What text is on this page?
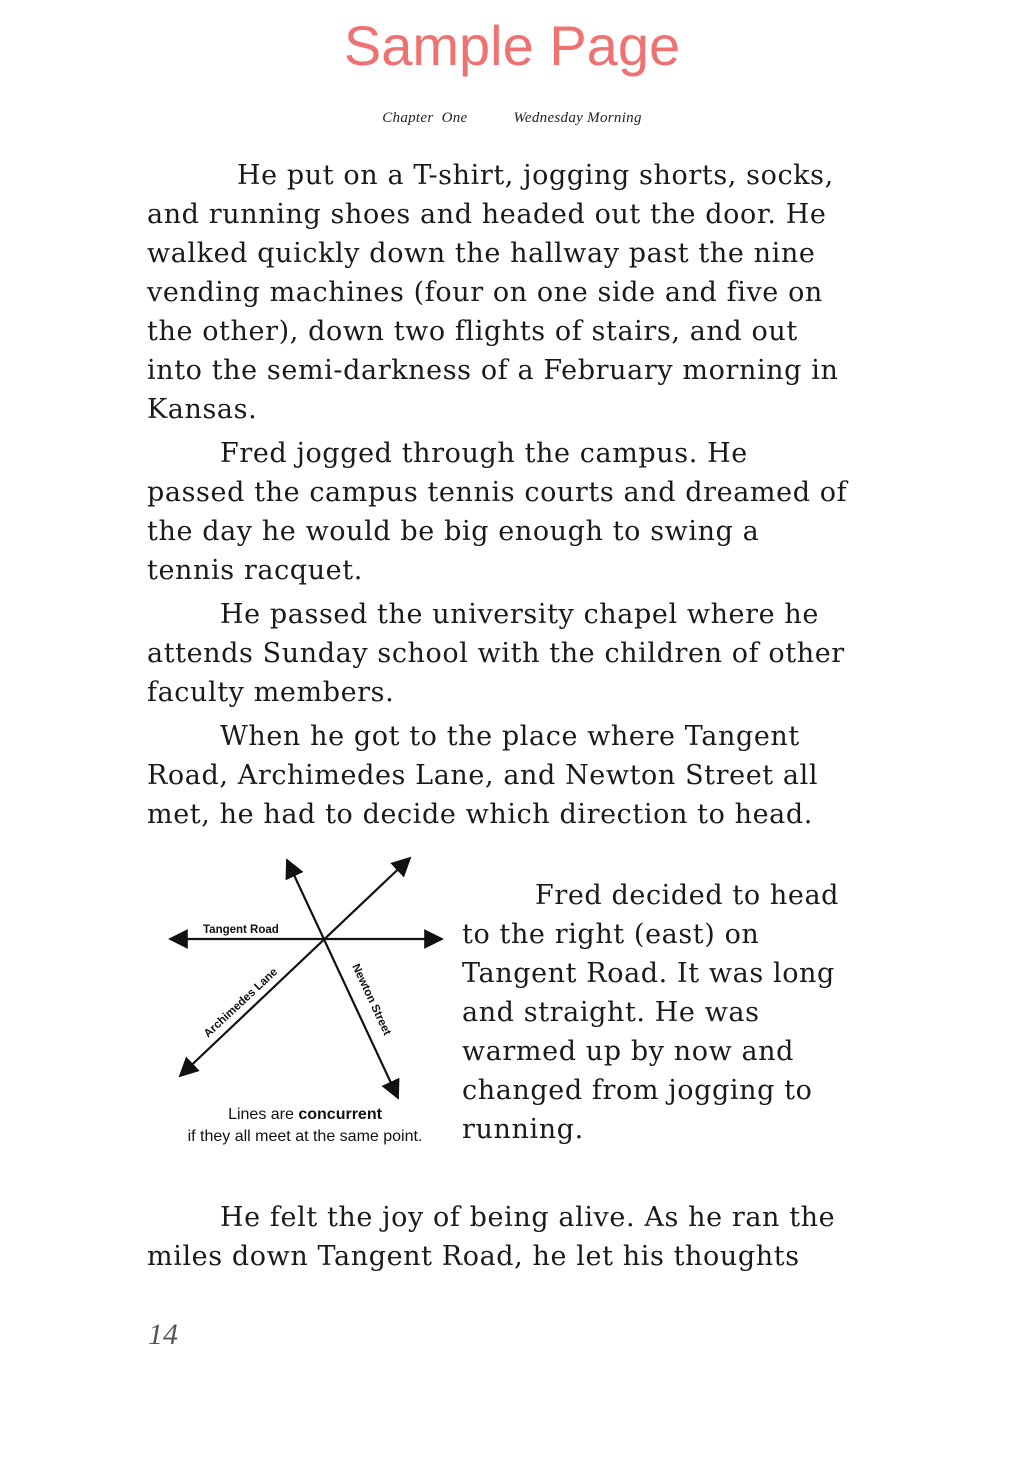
Sample Page
Chapter  One	Wednesday Morning
He put on a T-shirt, jogging shorts, socks,
and running shoes and headed out the door. He
walked quickly down the hallway past the nine
vending machines (four on one side and five on
the other), down two flights of stairs, and out
into the semi-darkness of a February morning in
Kansas.
Fred jogged through the campus. He
passed the campus tennis courts and dreamed of
the day he would be big enough to swing a
tennis racquet.
He passed the university chapel where he
attends Sunday school with the children of other
faculty members.
When he got to the place where Tangent
Road, Archimedes Lane, and Newton Street all
met, he had to decide which direction to head.
Tangent Road
Archimedes Lane	Newton Street
Lines are concurrent
if they all meet at the same point.
Fred decided to head
to the right (east) on
Tangent Road. It was long
and straight. He was
warmed up by now and
changed from jogging to
running.
He felt the joy of being alive. As he ran the
miles down Tangent Road, he let his thoughts
14
